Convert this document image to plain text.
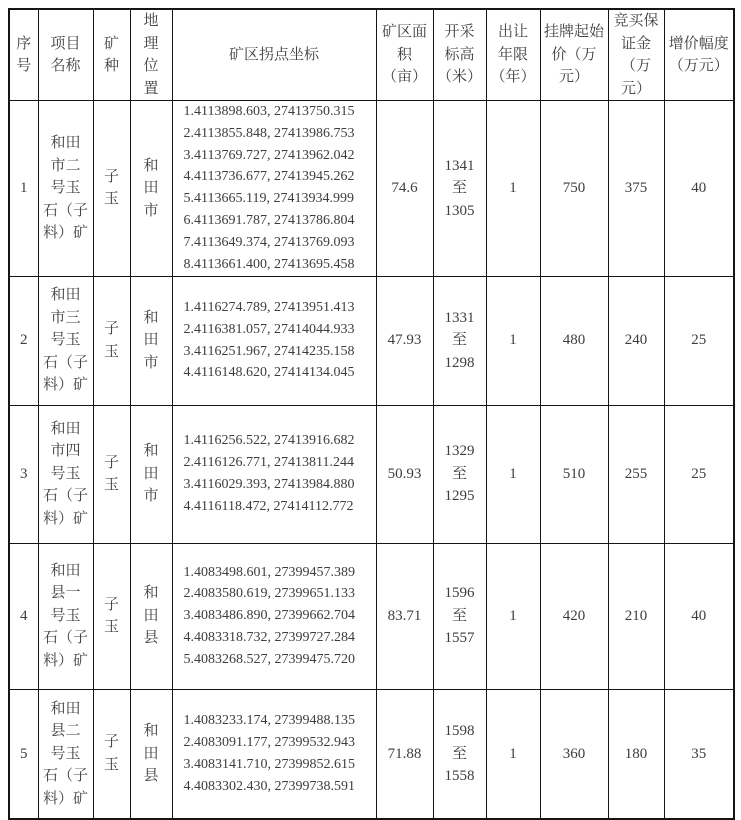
序
号	项目
名称	矿
种	地
理
位
置	矿区拐点坐标	矿区面
积（亩）	开采
标高
（米）	出让
年限
（年）	挂牌起始
价（万元）	竞买保
证金
（万元）	增价幅度
（万元）
1	和田
市二
号玉
石（子
料）矿	子
玉	和
田
市	1.4113898.603, 27413750.315
2.4113855.848, 27413986.753
3.4113769.727, 27413962.042
4.4113736.677, 27413945.262
5.4113665.119, 27413934.999
6.4113691.787, 27413786.804
7.4113649.374, 27413769.093
8.4113661.400, 27413695.458	74.6	1341
至
1305	1	750	375	40
2	和田
市三
号玉
石（子
料）矿	子
玉	和
田
市	1.4116274.789, 27413951.413
2.4116381.057, 27414044.933
3.4116251.967, 27414235.158
4.4116148.620, 27414134.045	47.93	1331
至
1298	1	480	240	25
3	和田
市四
号玉
石（子
料）矿	子
玉	和
田
市	1.4116256.522, 27413916.682
2.4116126.771, 27413811.244
3.4116029.393, 27413984.880
4.4116118.472, 27414112.772	50.93	1329
至
1295	1	510	255	25
4	和田
县一
号玉
石（子
料）矿	子
玉	和
田
县	1.4083498.601, 27399457.389
2.4083580.619, 27399651.133
3.4083486.890, 27399662.704
4.4083318.732, 27399727.284
5.4083268.527, 27399475.720	83.71	1596
至
1557	1	420	210	40
5	和田
县二
号玉
石（子
料）矿	子
玉	和
田
县	1.4083233.174, 27399488.135
2.4083091.177, 27399532.943
3.4083141.710, 27399852.615
4.4083302.430, 27399738.591	71.88	1598
至
1558	1	360	180	35
